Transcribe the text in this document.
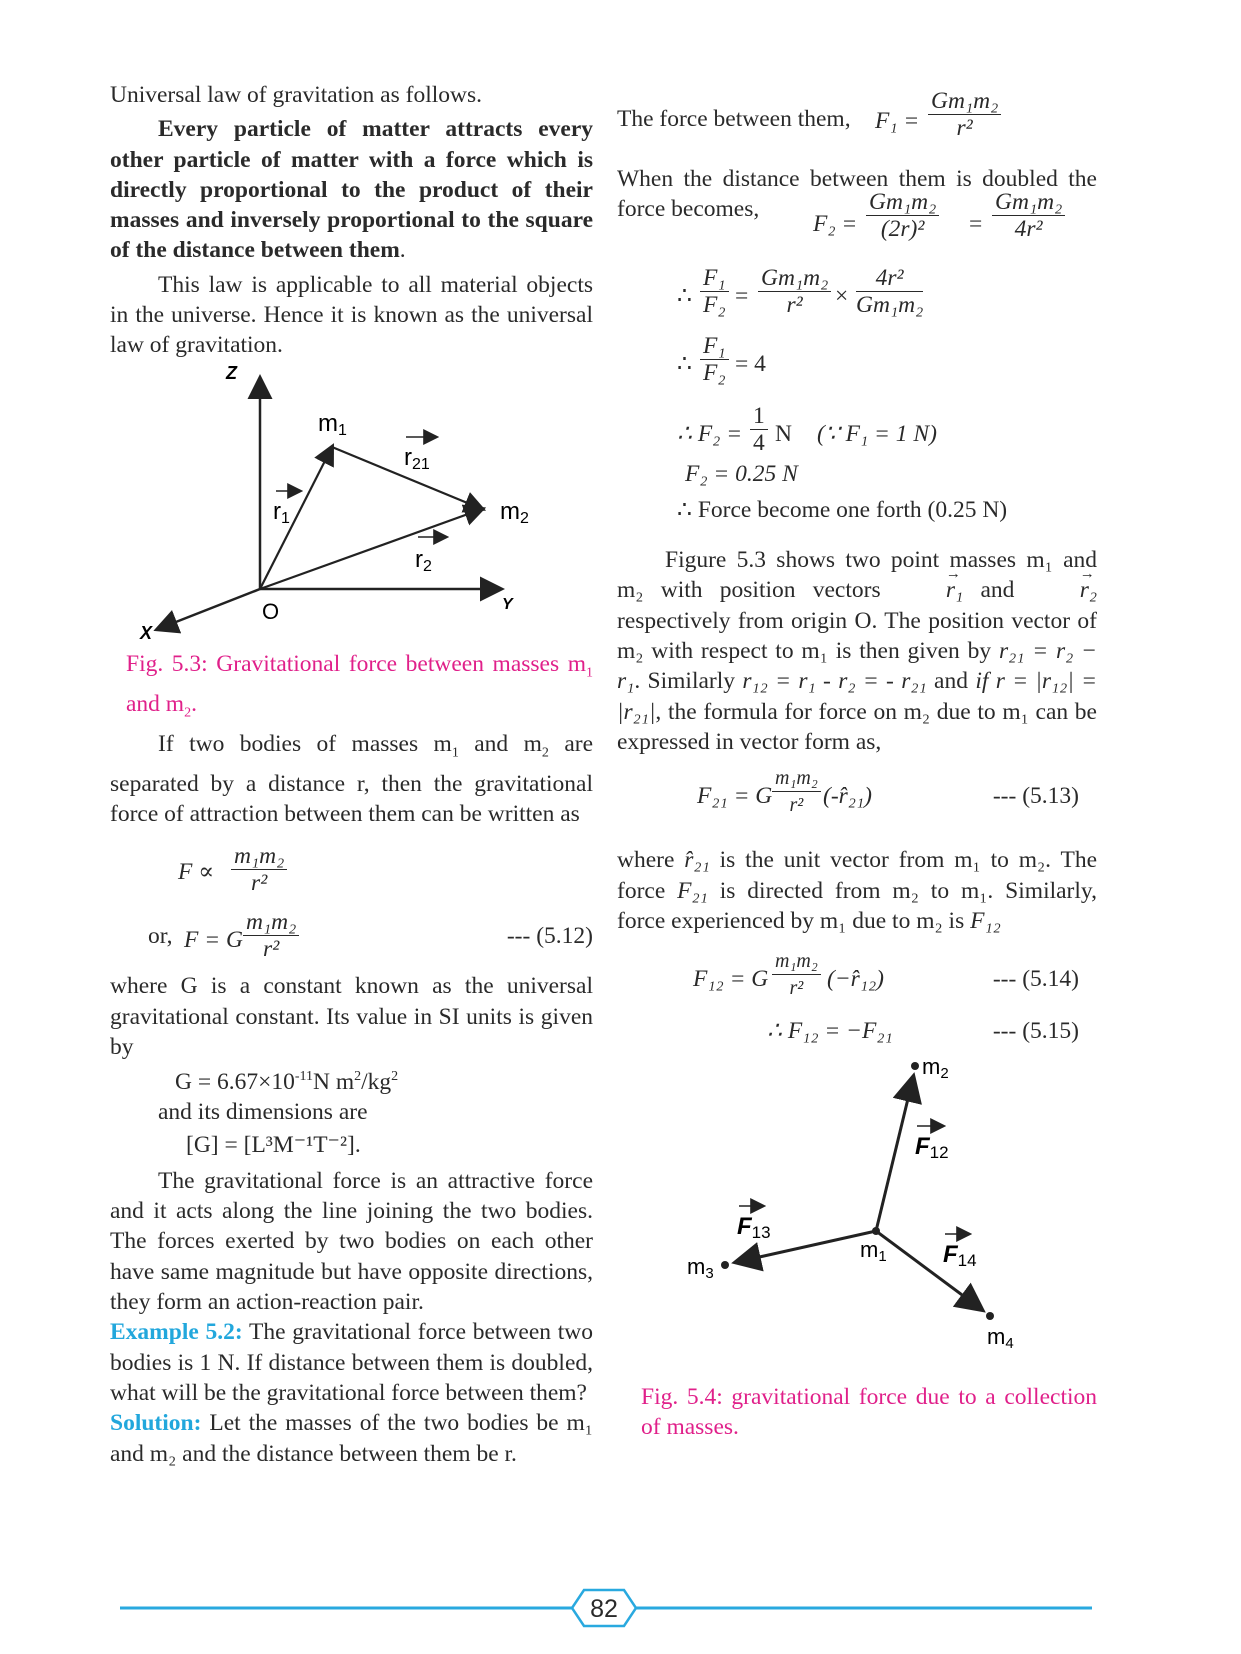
Universal law of gravitation as follows.

Every particle of matter attracts every other particle of matter with a force which is directly proportional to the product of their masses and inversely proportional to the square of the distance between them.

This law is applicable to all material objects in the universe. Hence it is known as the universal law of gravitation.

Z
Y
X
O
m1
m2
r1
r2
r21

Fig. 5.3: Gravitational force between masses $m_1$ and $m_2$.

If two bodies of masses $m_1$ and $m_2$ are separated by a distance r, then the gravitational force of attraction between them can be written as

$F \propto \frac{\text{m₁m₂}}{\text{r²}}$
or, F = G $\frac{\text{m₁m₂}}{\text{r²}}$	--- (5.12)

where G is a constant known as the universal gravitational constant. Its value in SI units is given by

$G = 6.67\times 10^{-11}N$ $m^2/kg^2$

and its dimensions are

[G] = [L³M⁻¹T⁻²].

The gravitational force is an attractive force and it acts along the line joining the two bodies. The forces exerted by two bodies on each other have same magnitude but have opposite directions, they form an action-reaction pair.

Example 5.2: The gravitational force between two bodies is 1 N. If distance between them is doubled, what will be the gravitational force between them?

Solution: Let the masses of the two bodies be m₁ and m₂ and the distance between them be r.

The force between them, $F_1 = \frac{\text{Gm₁m₂}}{\text{r²}}$

When the distance between them is doubled the force becomes,

$F_2 = \frac{\text{Gm₁m₂}}{\text{(2r)²}} = \frac{\text{Gm₁m₂}}{\text{4r²}}$
∴ $\frac{\text{F₁}}{\text{F₂}} = \frac{\text{Gm₁m₂}}{\text{r²}} \times \frac{\text{4r²}}{\text{Gm₁m₂}}$
∴ $\frac{\text{F₁}}{\text{F₂}} = 4$
∴ $F_2 = \frac{1}{4}$ N (∵ F₁ = 1 N)

F₂ = 0.25 N

∴ Force become one forth (0.25 N)

Figure 5.3 shows two point masses m₁ and m₂ with position vectors	→ r₁ and	→ r₂ respectively from origin O. The position vector of m₂ with respect to m₁ is then given by r₂₁ = r₂ − r₁. Similarly r₁₂ = r₁ - r₂ = - r₂₁ and if r = |r₁₂| = |r₂₁|, the formula for force on m₂ due to m₁ can be expressed in vector form as,

F₂₁ = G $\frac{\text{m₁m₂}}{\text{r²}}$ (-r̂₂₁)	--- (5.13)

where r̂₂₁ is the unit vector from m₁ to m₂. The force F₂₁ is directed from m₂ to m₁. Similarly, force experienced by m₁ due to m₂ is F₁₂

F₁₂ = G $\frac{\text{m₁m₂}}{\text{r²}}$ (−r̂₁₂)	--- (5.14)
∴ F₁₂ = −F₂₁	--- (5.15)
m1
m2
m3
m4
F12
F13
F14

Fig. 5.4: gravitational force due to a collection of masses.

82
